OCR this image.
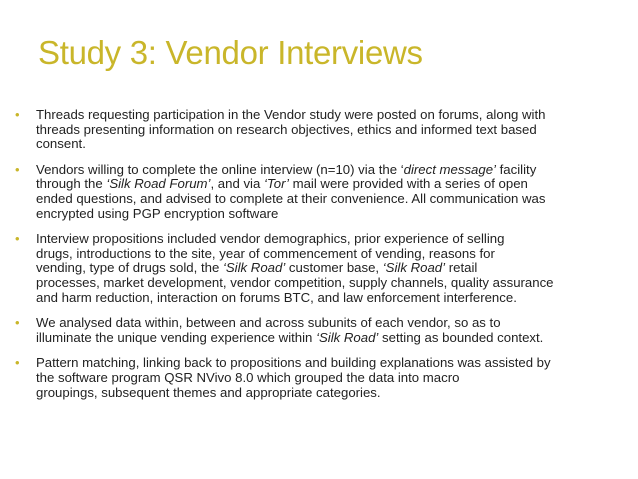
Study 3: Vendor Interviews
• Threads requesting participation in the Vendor study were posted on forums, along with
threads presenting information on research objectives, ethics and informed text based
consent.
• Vendors willing to complete the online interview (n=10) via the ‘direct message’ facility
through the ‘Silk Road Forum’, and via ‘Tor’ mail were provided with a series of open
ended questions, and advised to complete at their convenience. All communication was
encrypted using PGP encryption software
• Interview propositions included vendor demographics, prior experience of selling
drugs, introductions to the site, year of commencement of vending, reasons for
vending, type of drugs sold, the ‘Silk Road’ customer base, ‘Silk Road’ retail
processes, market development, vendor competition, supply channels, quality assurance
and harm reduction, interaction on forums BTC, and law enforcement interference.
• We analysed data within, between and across subunits of each vendor, so as to
illuminate the unique vending experience within ‘Silk Road’ setting as bounded context.
• Pattern matching, linking back to propositions and building explanations was assisted by
the software program QSR NVivo 8.0 which grouped the data into macro
groupings, subsequent themes and appropriate categories.
